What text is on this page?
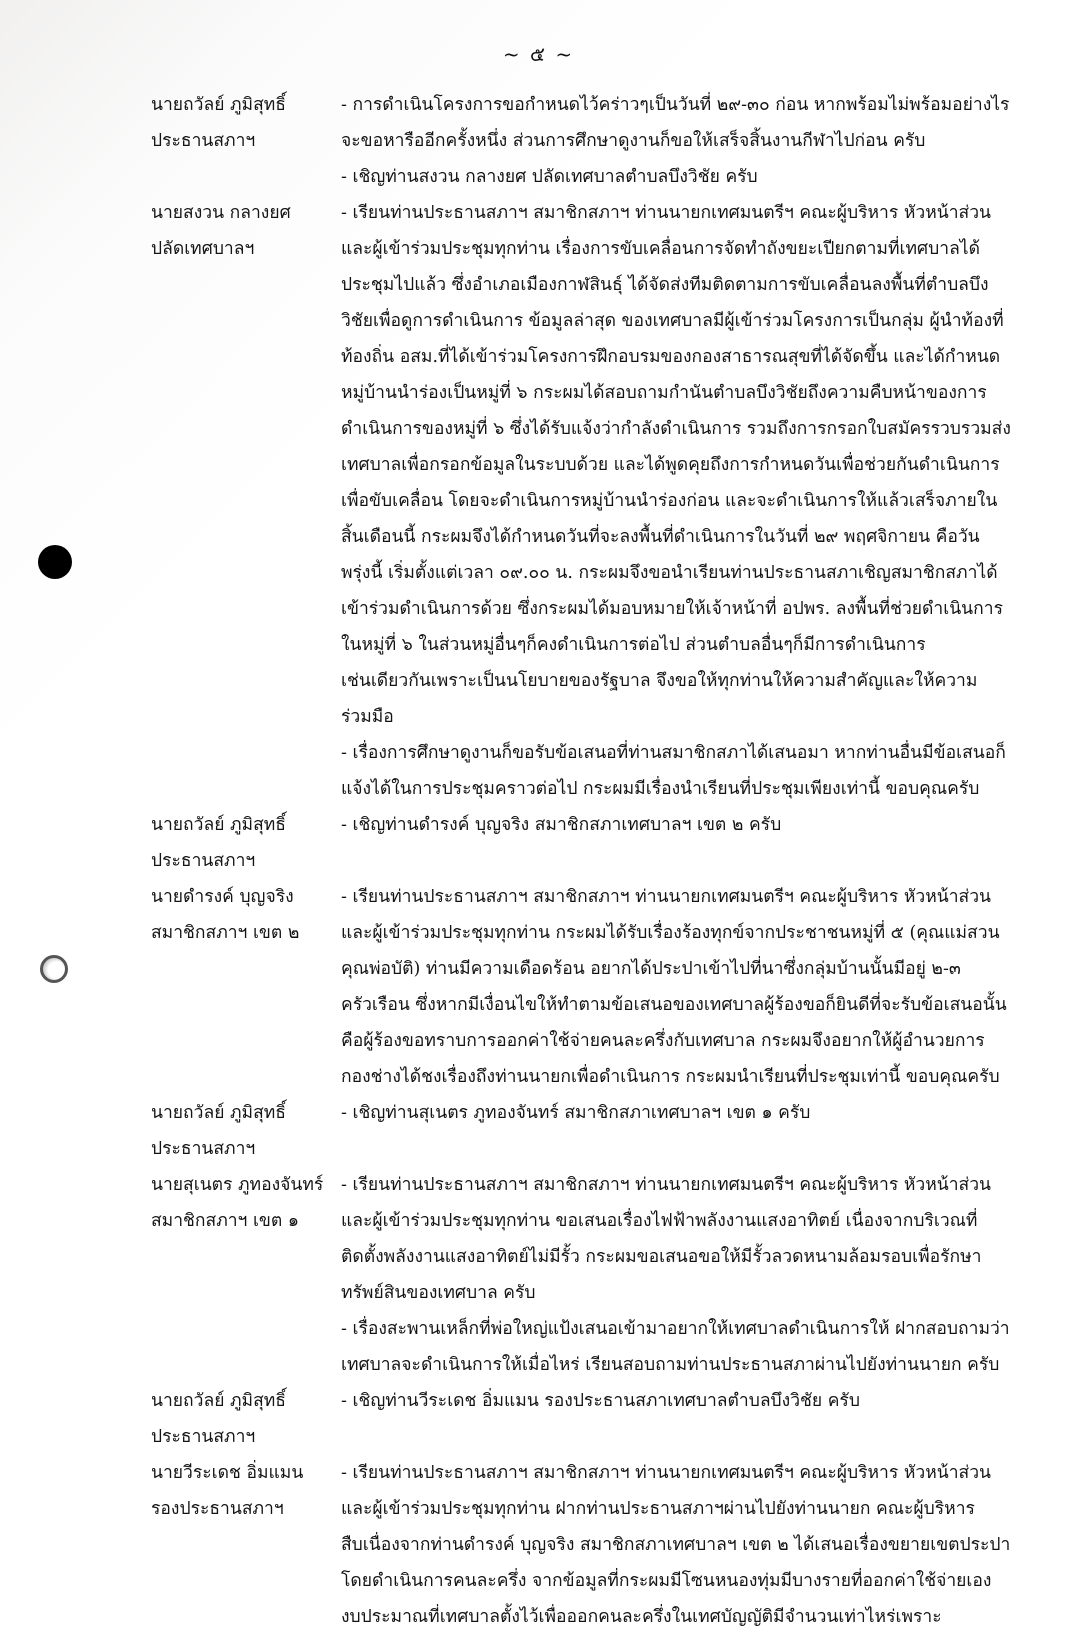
~ ๕ ~
นายถวัลย์ ภูมิสุทธิ์
ประธานสภาฯ
- การดำเนินโครงการขอกำหนดไว้คร่าวๆเป็นวันที่ ๒๙-๓๐ ก่อน หากพร้อมไม่พร้อมอย่างไร
จะขอหารืออีกครั้งหนึ่ง ส่วนการศึกษาดูงานก็ขอให้เสร็จสิ้นงานกีฬาไปก่อน ครับ
- เชิญท่านสงวน กลางยศ ปลัดเทศบาลตำบลบึงวิชัย ครับ
นายสงวน กลางยศ
ปลัดเทศบาลฯ
- เรียนท่านประธานสภาฯ สมาชิกสภาฯ ท่านนายกเทศมนตรีฯ คณะผู้บริหาร หัวหน้าส่วน
และผู้เข้าร่วมประชุมทุกท่าน เรื่องการขับเคลื่อนการจัดทำถังขยะเปียกตามที่เทศบาลได้
ประชุมไปแล้ว ซึ่งอำเภอเมืองกาฬสินธุ์ ได้จัดส่งทีมติดตามการขับเคลื่อนลงพื้นที่ตำบลบึง
วิชัยเพื่อดูการดำเนินการ ข้อมูลล่าสุด ของเทศบาลมีผู้เข้าร่วมโครงการเป็นกลุ่ม ผู้นำท้องที่
ท้องถิ่น อสม.ที่ได้เข้าร่วมโครงการฝึกอบรมของกองสาธารณสุขที่ได้จัดขึ้น และได้กำหนด
หมู่บ้านนำร่องเป็นหมู่ที่ ๖ กระผมได้สอบถามกำนันตำบลบึงวิชัยถึงความคืบหน้าของการ
ดำเนินการของหมู่ที่ ๖ ซึ่งได้รับแจ้งว่ากำลังดำเนินการ รวมถึงการกรอกใบสมัครรวบรวมส่ง
เทศบาลเพื่อกรอกข้อมูลในระบบด้วย และได้พูดคุยถึงการกำหนดวันเพื่อช่วยกันดำเนินการ
เพื่อขับเคลื่อน โดยจะดำเนินการหมู่บ้านนำร่องก่อน และจะดำเนินการให้แล้วเสร็จภายใน
สิ้นเดือนนี้ กระผมจึงได้กำหนดวันที่จะลงพื้นที่ดำเนินการในวันที่ ๒๙ พฤศจิกายน คือวัน
พรุ่งนี้ เริ่มตั้งแต่เวลา ๐๙.๐๐ น. กระผมจึงขอนำเรียนท่านประธานสภาเชิญสมาชิกสภาได้
เข้าร่วมดำเนินการด้วย ซึ่งกระผมได้มอบหมายให้เจ้าหน้าที่ อปพร. ลงพื้นที่ช่วยดำเนินการ
ในหมู่ที่ ๖ ในส่วนหมู่อื่นๆก็คงดำเนินการต่อไป ส่วนตำบลอื่นๆก็มีการดำเนินการ
เช่นเดียวกันเพราะเป็นนโยบายของรัฐบาล จึงขอให้ทุกท่านให้ความสำคัญและให้ความ
ร่วมมือ
- เรื่องการศึกษาดูงานก็ขอรับข้อเสนอที่ท่านสมาชิกสภาได้เสนอมา หากท่านอื่นมีข้อเสนอก็
แจ้งได้ในการประชุมคราวต่อไป กระผมมีเรื่องนำเรียนที่ประชุมเพียงเท่านี้ ขอบคุณครับ
นายถวัลย์ ภูมิสุทธิ์
ประธานสภาฯ
- เชิญท่านดำรงค์ บุญจริง สมาชิกสภาเทศบาลฯ เขต ๒ ครับ
นายดำรงค์ บุญจริง
สมาชิกสภาฯ เขต ๒
- เรียนท่านประธานสภาฯ สมาชิกสภาฯ ท่านนายกเทศมนตรีฯ คณะผู้บริหาร หัวหน้าส่วน
และผู้เข้าร่วมประชุมทุกท่าน กระผมได้รับเรื่องร้องทุกข์จากประชาชนหมู่ที่ ๕ (คุณแม่สวน
คุณพ่อบัติ) ท่านมีความเดือดร้อน อยากได้ประปาเข้าไปที่นาซึ่งกลุ่มบ้านนั้นมีอยู่ ๒-๓
ครัวเรือน ซึ่งหากมีเงื่อนไขให้ทำตามข้อเสนอของเทศบาลผู้ร้องขอก็ยินดีที่จะรับข้อเสนอนั้น
คือผู้ร้องขอทราบการออกค่าใช้จ่ายคนละครึ่งกับเทศบาล กระผมจึงอยากให้ผู้อำนวยการ
กองช่างได้ชงเรื่องถึงท่านนายกเพื่อดำเนินการ กระผมนำเรียนที่ประชุมเท่านี้ ขอบคุณครับ
นายถวัลย์ ภูมิสุทธิ์
ประธานสภาฯ
- เชิญท่านสุเนตร ภูทองจันทร์ สมาชิกสภาเทศบาลฯ เขต ๑ ครับ
นายสุเนตร ภูทองจันทร์
สมาชิกสภาฯ เขต ๑
- เรียนท่านประธานสภาฯ สมาชิกสภาฯ ท่านนายกเทศมนตรีฯ คณะผู้บริหาร หัวหน้าส่วน
และผู้เข้าร่วมประชุมทุกท่าน ขอเสนอเรื่องไฟฟ้าพลังงานแสงอาทิตย์ เนื่องจากบริเวณที่
ติดตั้งพลังงานแสงอาทิตย์ไม่มีรั้ว กระผมขอเสนอขอให้มีรั้วลวดหนามล้อมรอบเพื่อรักษา
ทรัพย์สินของเทศบาล ครับ
- เรื่องสะพานเหล็กที่พ่อใหญ่แป้งเสนอเข้ามาอยากให้เทศบาลดำเนินการให้ ฝากสอบถามว่า
เทศบาลจะดำเนินการให้เมื่อไหร่ เรียนสอบถามท่านประธานสภาผ่านไปยังท่านนายก ครับ
นายถวัลย์ ภูมิสุทธิ์
ประธานสภาฯ
- เชิญท่านวีระเดช อิ่มแมน รองประธานสภาเทศบาลตำบลบึงวิชัย ครับ
นายวีระเดช อิ่มแมน
รองประธานสภาฯ
- เรียนท่านประธานสภาฯ สมาชิกสภาฯ ท่านนายกเทศมนตรีฯ คณะผู้บริหาร หัวหน้าส่วน
และผู้เข้าร่วมประชุมทุกท่าน ฝากท่านประธานสภาฯผ่านไปยังท่านนายก คณะผู้บริหาร
สืบเนื่องจากท่านดำรงค์ บุญจริง สมาชิกสภาเทศบาลฯ เขต ๒ ได้เสนอเรื่องขยายเขตประปา
โดยดำเนินการคนละครึ่ง จากข้อมูลที่กระผมมีโซนหนองทุ่มมีบางรายที่ออกค่าใช้จ่ายเอง
งบประมาณที่เทศบาลตั้งไว้เพื่อออกคนละครึ่งในเทศบัญญัติมีจำนวนเท่าไหร่เพราะ
